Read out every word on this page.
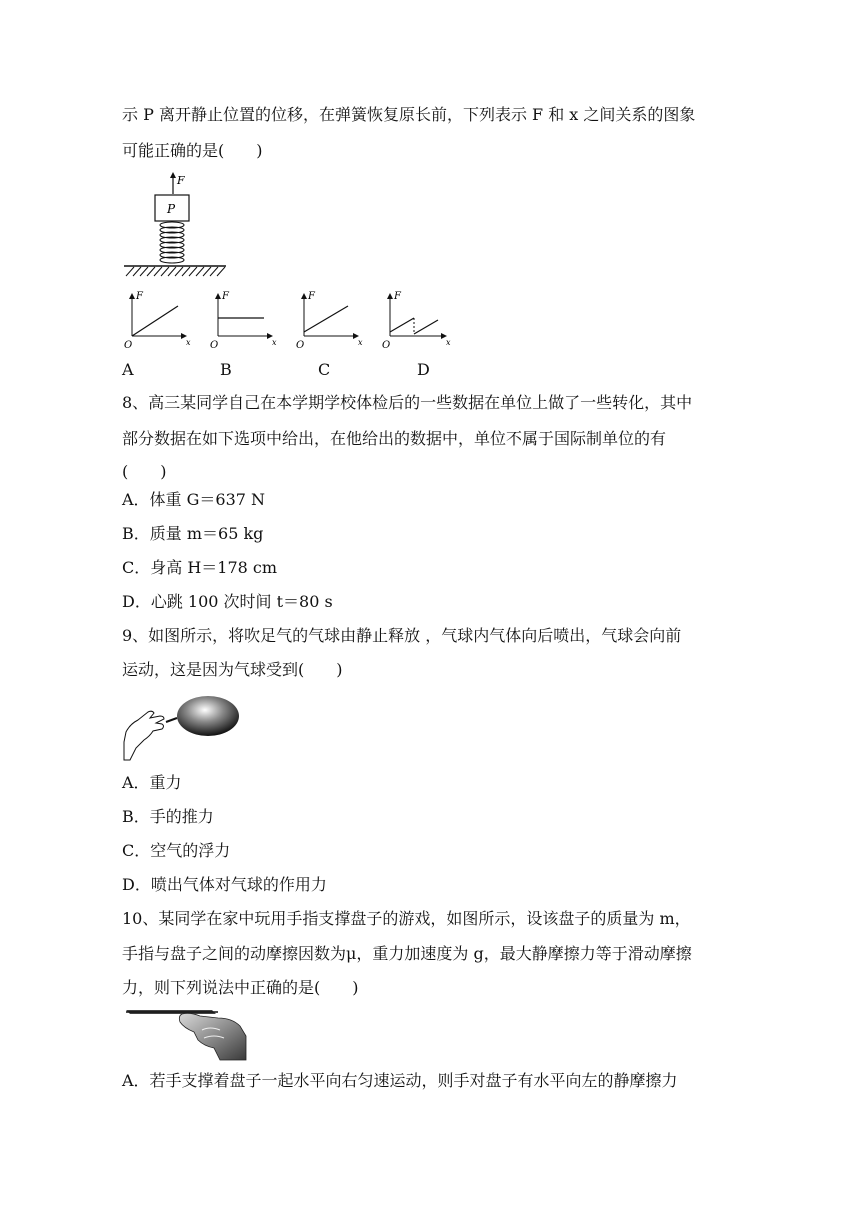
示 P 离开静止位置的位移，在弹簧恢复原长前，下列表示 F 和 x 之间关系的图象
可能正确的是(　　)
F
P
F
x
O
F
x
O
F
x
O
F
x
O
A	B	C	D
8、高三某同学自己在本学期学校体检后的一些数据在单位上做了一些转化，其中
部分数据在如下选项中给出，在他给出的数据中，单位不属于国际制单位的有
(　　)
A．体重 G＝637 N
B．质量 m＝65 kg
C．身高 H＝178 cm
D．心跳 100 次时间 t＝80 s
9、如图所示，将吹足气的气球由静止释放 ，气球内气体向后喷出，气球会向前
运动，这是因为气球受到(　　)
A．重力
B．手的推力
C．空气的浮力
D．喷出气体对气球的作用力
10、某同学在家中玩用手指支撑盘子的游戏，如图所示，设该盘子的质量为 m，
手指与盘子之间的动摩擦因数为μ，重力加速度为 g，最大静摩擦力等于滑动摩擦
力，则下列说法中正确的是(　　)
A．若手支撑着盘子一起水平向右匀速运动，则手对盘子有水平向左的静摩擦力
